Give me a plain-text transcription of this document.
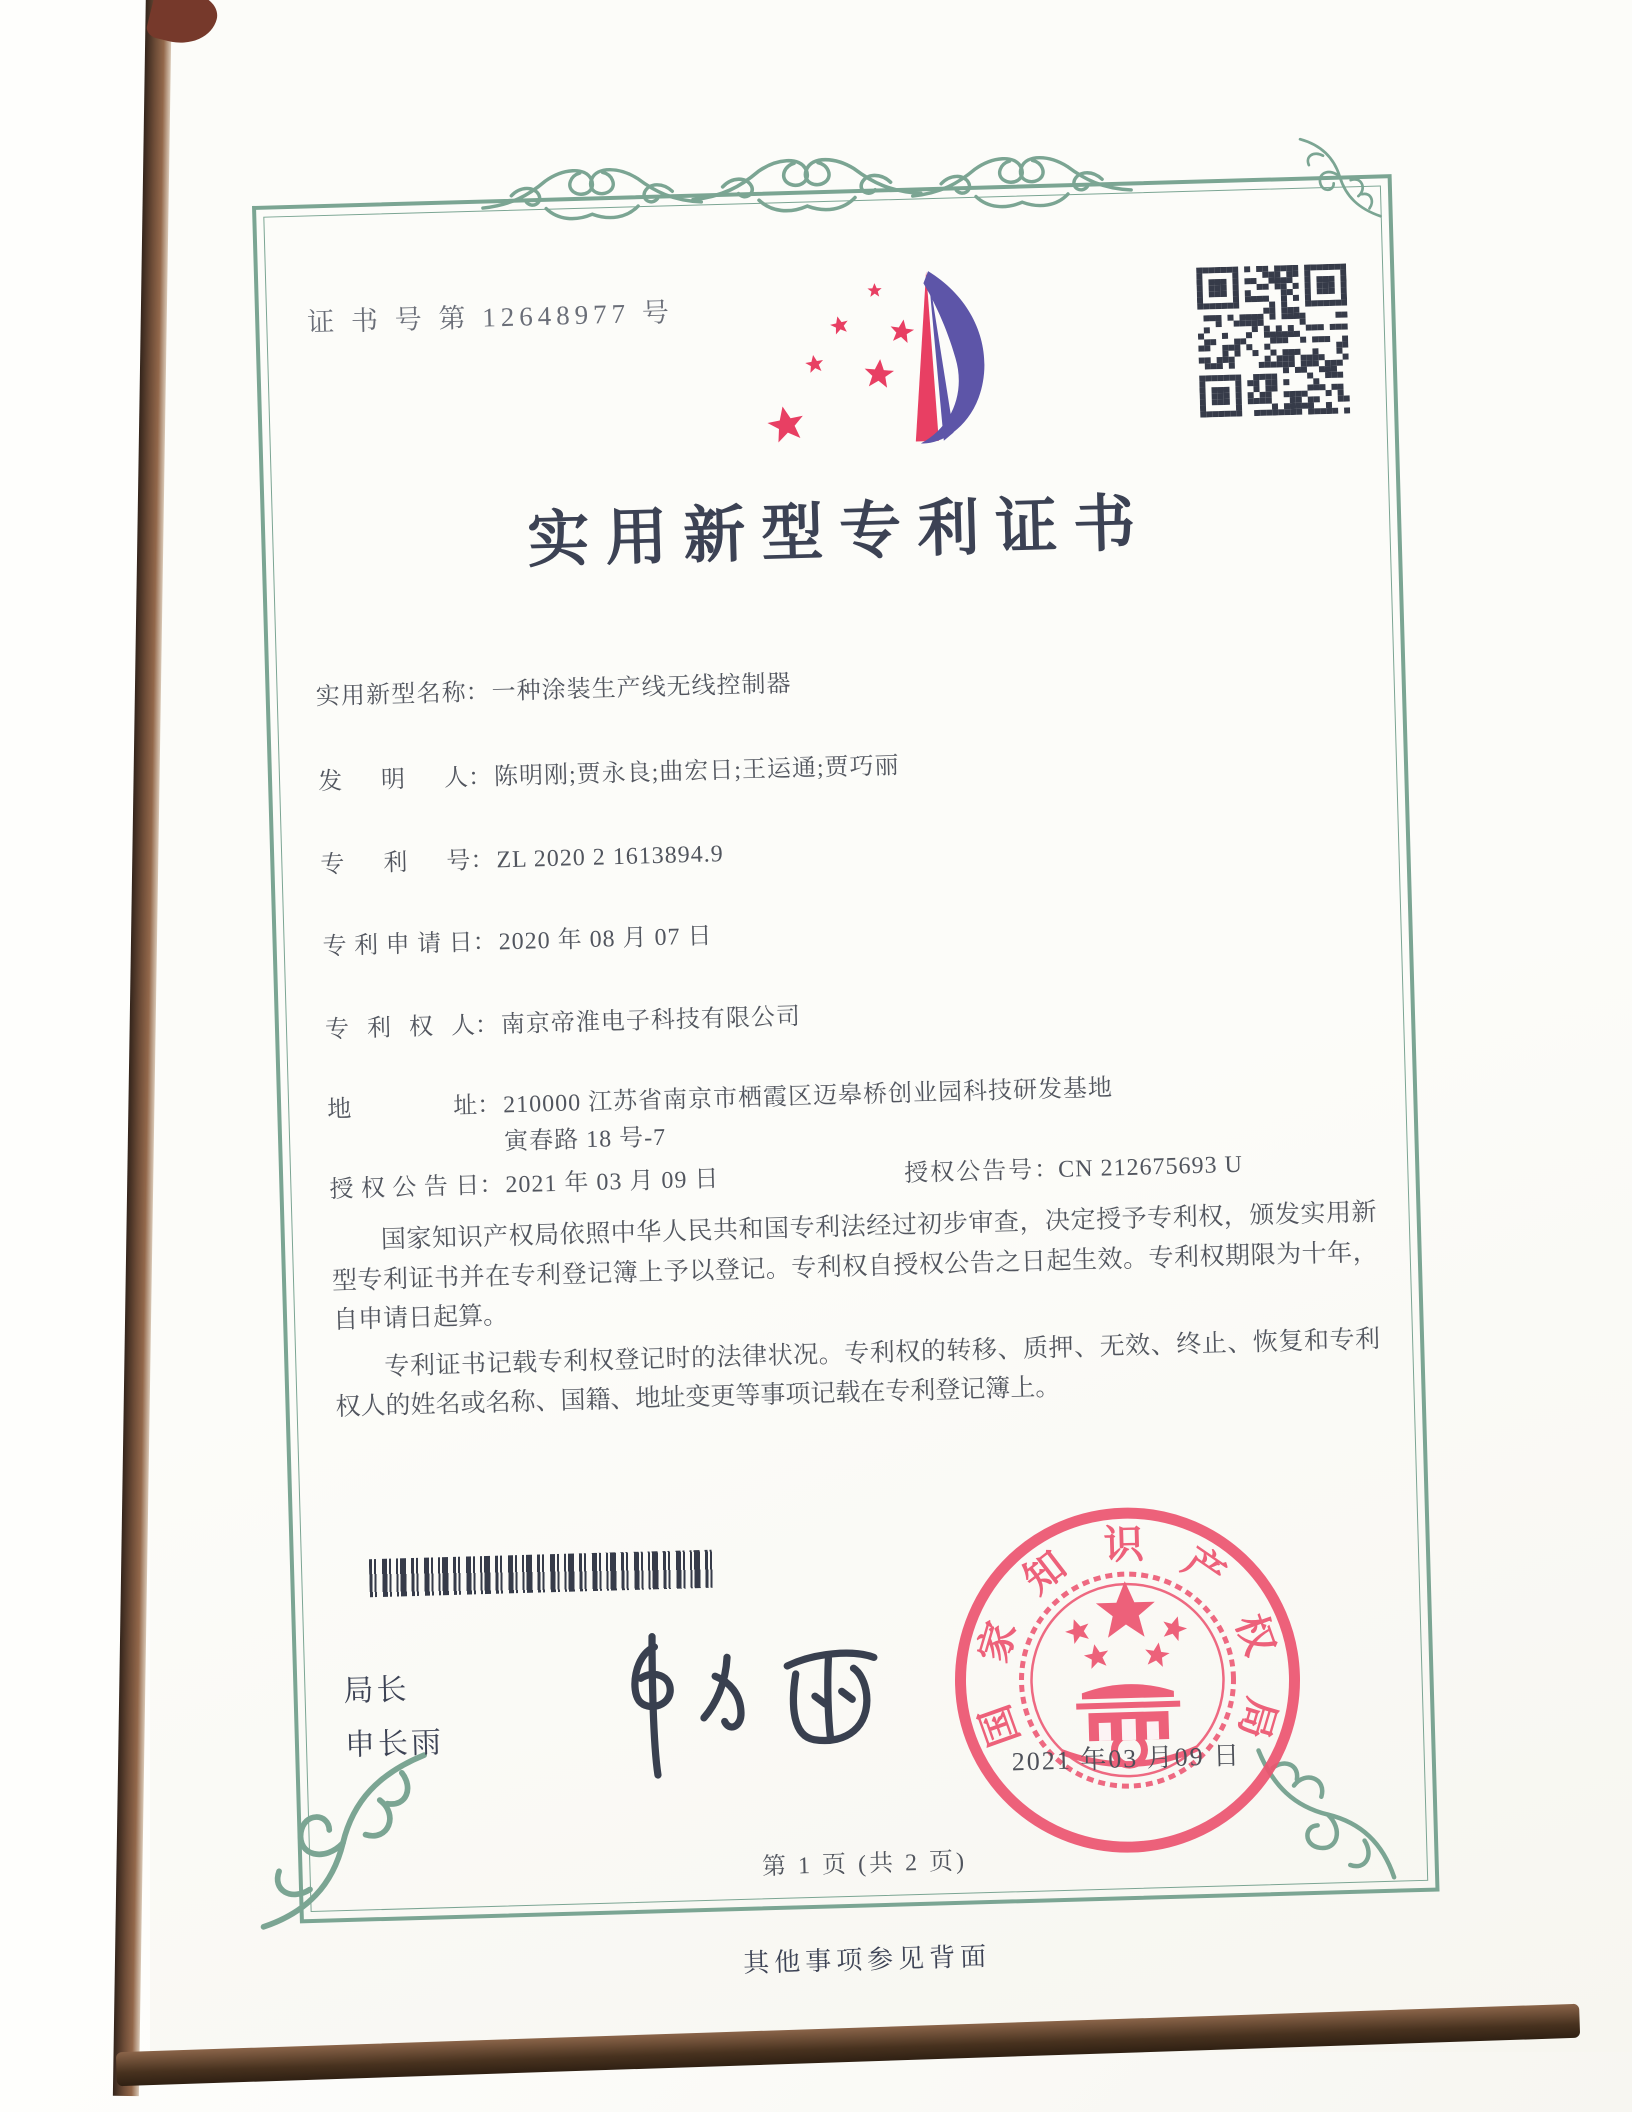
证 书 号 第 12648977 号
实用新型专利证书
实用新型名称：一种涂装生产线无线控制器
发明人：陈明刚;贾永良;曲宏日;王运通;贾巧丽
专利号：ZL 2020 2 1613894.9
专利申请日：2020 年 08 月 07 日
专利权人：南京帝淮电子科技有限公司
地址：210000 江苏省南京市栖霞区迈皋桥创业园科技研发基地
寅春路 18 号-7
授权公告日：2021 年 03 月 09 日	授权公告号：CN 212675693 U

国家知识产权局依照中华人民共和国专利法经过初步审查，决定授予专利权，颁发实用新型专利证书并在专利登记簿上予以登记。专利权自授权公告之日起生效。专利权期限为十年，自申请日起算。

专利证书记载专利权登记时的法律状况。专利权的转移、质押、无效、终止、恢复和专利权人的姓名或名称、国籍、地址变更等事项记载在专利登记簿上。

局长
申长雨	国
家
知 识 产
权
局
2021 年03 月09 日
第 1 页 (共 2 页)
其他事项参见背面
